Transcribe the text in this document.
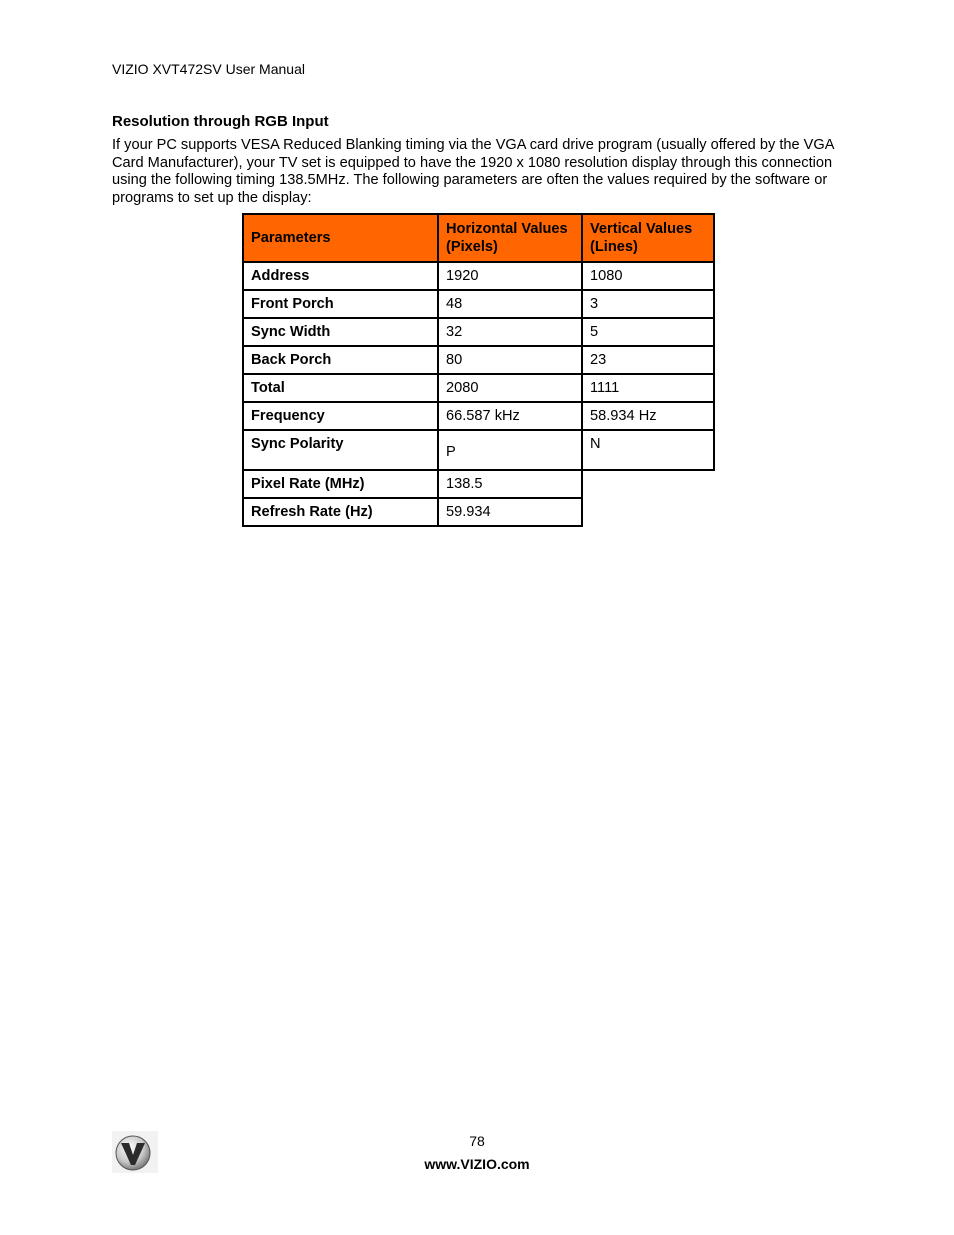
VIZIO XVT472SV User Manual
Resolution through RGB Input
If your PC supports VESA Reduced Blanking timing via the VGA card drive program (usually offered by the VGA Card Manufacturer), your TV set is equipped to have the 1920 x 1080 resolution display through this connection using the following timing 138.5MHz. The following parameters are often the values required by the software or programs to set up the display:
Parameters	Horizontal Values (Pixels)	Vertical Values (Lines)
Address	1920	1080
Front Porch	48	3
Sync Width	32	5
Back Porch	80	23
Total	2080	1111
Frequency	66.587 kHz	58.934 Hz
Sync Polarity	P	N
Pixel Rate (MHz)	138.5	
Refresh Rate (Hz)	59.934	
78
www.VIZIO.com
